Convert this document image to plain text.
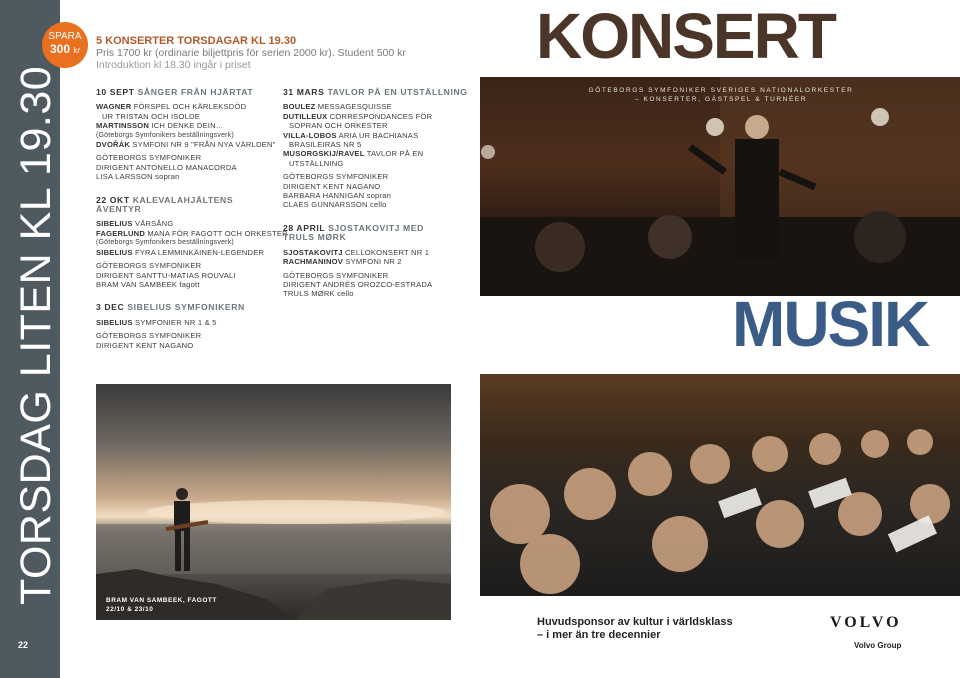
TORSDAG LITEN KL 19.30
22
SPARA
300 kr
5 KONSERTER TORSDAGAR KL 19.30
Pris 1700 kr (ordinarie biljettpris för serien 2000 kr). Student 500 kr
Introduktion kl 18.30 ingår i priset
10 SEPT SÅNGER FRÅN HJÄRTAT
WAGNER FÖRSPEL OCH KÄRLEKSDÖD
UR TRISTAN OCH ISOLDE
MARTINSSON ICH DENKE DEIN…
(Göteborgs Symfonikers beställningsverk)
DVOŘÁK SYMFONI NR 9 "FRÅN NYA VÄRLDEN"
GÖTEBORGS SYMFONIKER
DIRIGENT ANTONELLO MANACORDA
LISA LARSSON sopran
22 OKT KALEVALAHJÄLTENS ÄVENTYR
SIBELIUS VÅRSÅNG
FAGERLUND MANA FÖR FAGOTT OCH ORKESTER
(Göteborgs Symfonikers beställningsverk)
SIBELIUS FYRA LEMMINKÄINEN-LEGENDER
GÖTEBORGS SYMFONIKER
DIRIGENT SANTTU-MATIAS ROUVALI
BRAM VAN SAMBEEK fagott
3 DEC SIBELIUS SYMFONIKERN
SIBELIUS SYMFONIER NR 1 & 5
GÖTEBORGS SYMFONIKER
DIRIGENT KENT NAGANO
31 MARS TAVLOR PÅ EN UTSTÄLLNING
BOULEZ MESSAGESQUISSE
DUTILLEUX CORRESPONDANCES FÖR
SOPRAN OCH ORKESTER
VILLA-LOBOS ARIA UR BACHIANAS
BRASILEIRAS NR 5
MUSORGSKIJ/RAVEL TAVLOR PÅ EN
UTSTÄLLNING
GÖTEBORGS SYMFONIKER
DIRIGENT KENT NAGANO
BARBARA HANNIGAN sopran
CLAES GUNNARSSON cello
28 APRIL SJOSTAKOVITJ MED TRULS MØRK
SJOSTAKOVITJ CELLOKONSERT NR 1
RACHMANINOV SYMFONI NR 2
GÖTEBORGS SYMFONIKER
DIRIGENT ANDRÉS OROZCO-ESTRADA
TRULS MØRK cello
BRAM VAN SAMBEEK, FAGOTT
22/10 & 23/10
KONSERT
GÖTEBORGS SYMFONIKER SVERIGES NATIONALORKESTER – KONSERTER, GÄSTSPEL & TURNÉER
MUSIK
Huvudsponsor av kultur i världsklass
– i mer än tre decennier
VOLVO
Volvo Group
